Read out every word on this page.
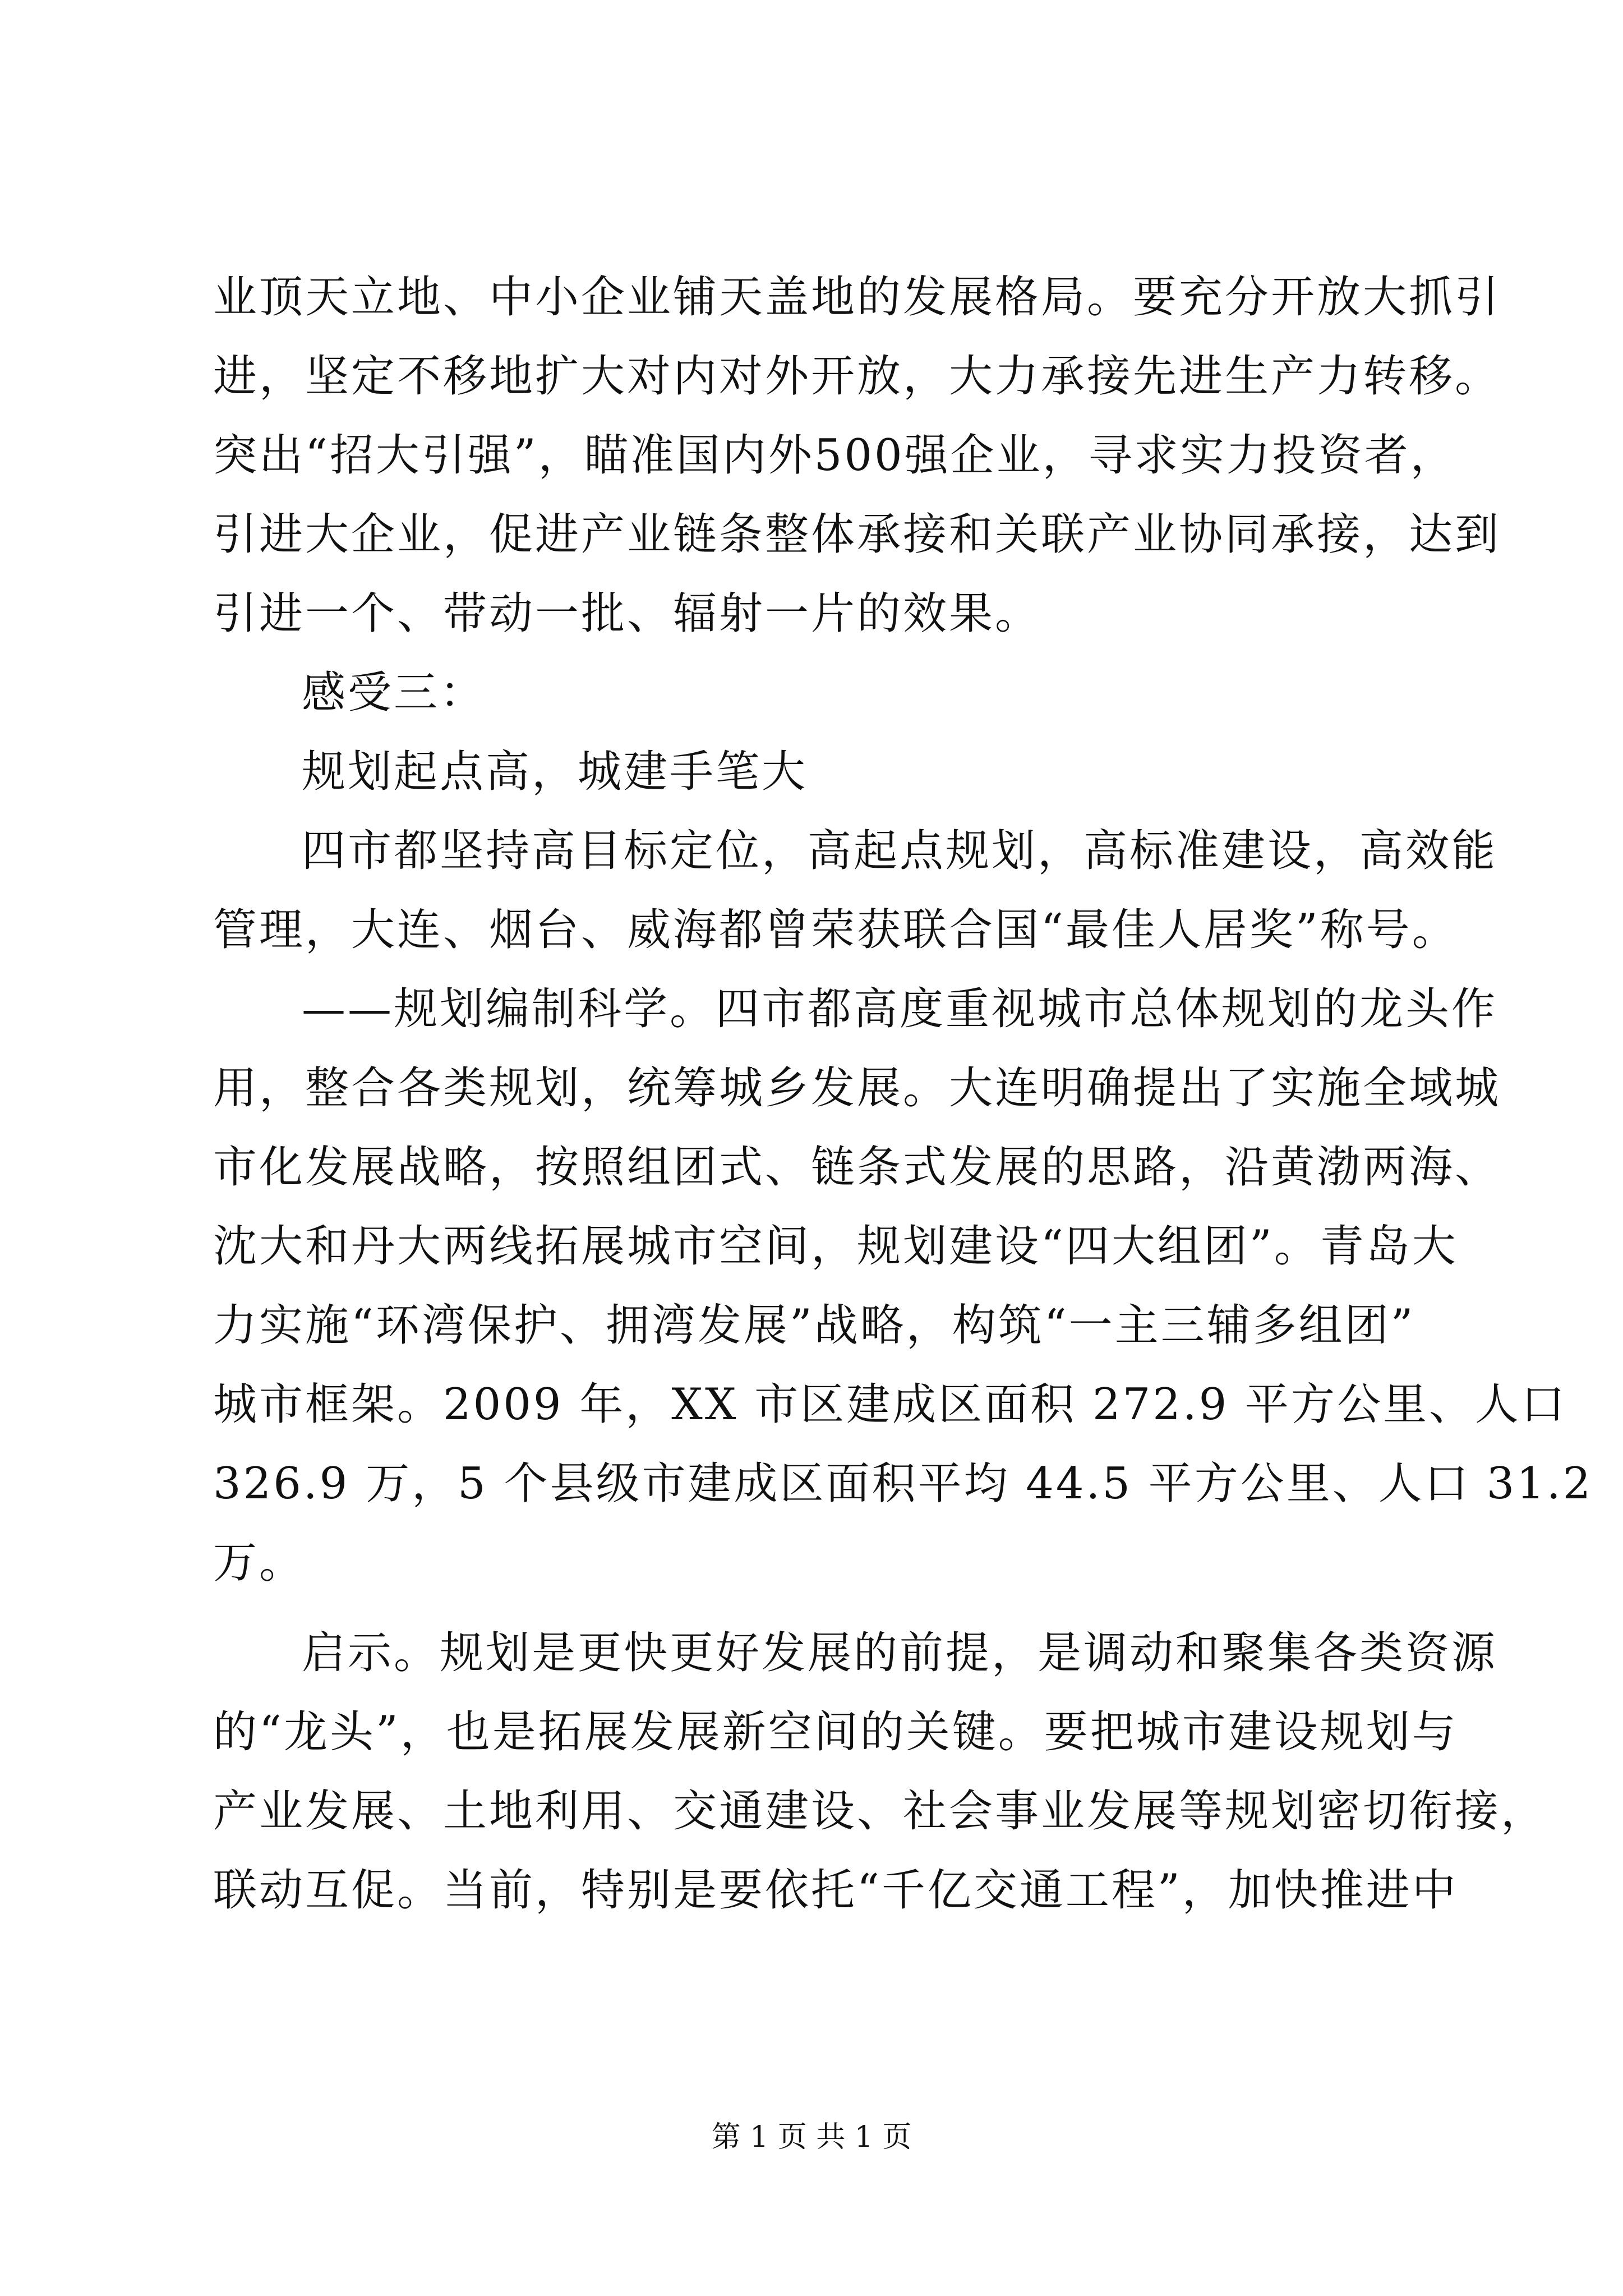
业顶天立地、中小企业铺天盖地的发展格局。要充分开放大抓引
进，坚定不移地扩大对内对外开放，大力承接先进生产力转移。
突出“招大引强”，瞄准国内外500强企业，寻求实力投资者，
引进大企业，促进产业链条整体承接和关联产业协同承接，达到
引进一个、带动一批、辐射一片的效果。
感受三：
规划起点高，城建手笔大
四市都坚持高目标定位，高起点规划，高标准建设，高效能
管理，大连、烟台、威海都曾荣获联合国“最佳人居奖”称号。
——规划编制科学。四市都高度重视城市总体规划的龙头作
用，整合各类规划，统筹城乡发展。大连明确提出了实施全域城
市化发展战略，按照组团式、链条式发展的思路，沿黄渤两海、
沈大和丹大两线拓展城市空间，规划建设“四大组团”。青岛大
力实施“环湾保护、拥湾发展”战略，构筑“一主三辅多组团”
城市框架。2009 年，XX 市区建成区面积 272.9 平方公里、人口
326.9 万，5 个县级市建成区面积平均 44.5 平方公里、人口 31.2
万。
启示。规划是更快更好发展的前提，是调动和聚集各类资源
的“龙头”，也是拓展发展新空间的关键。要把城市建设规划与
产业发展、土地利用、交通建设、社会事业发展等规划密切衔接，
联动互促。当前，特别是要依托“千亿交通工程”，加快推进中
第 1 页 共 1 页
